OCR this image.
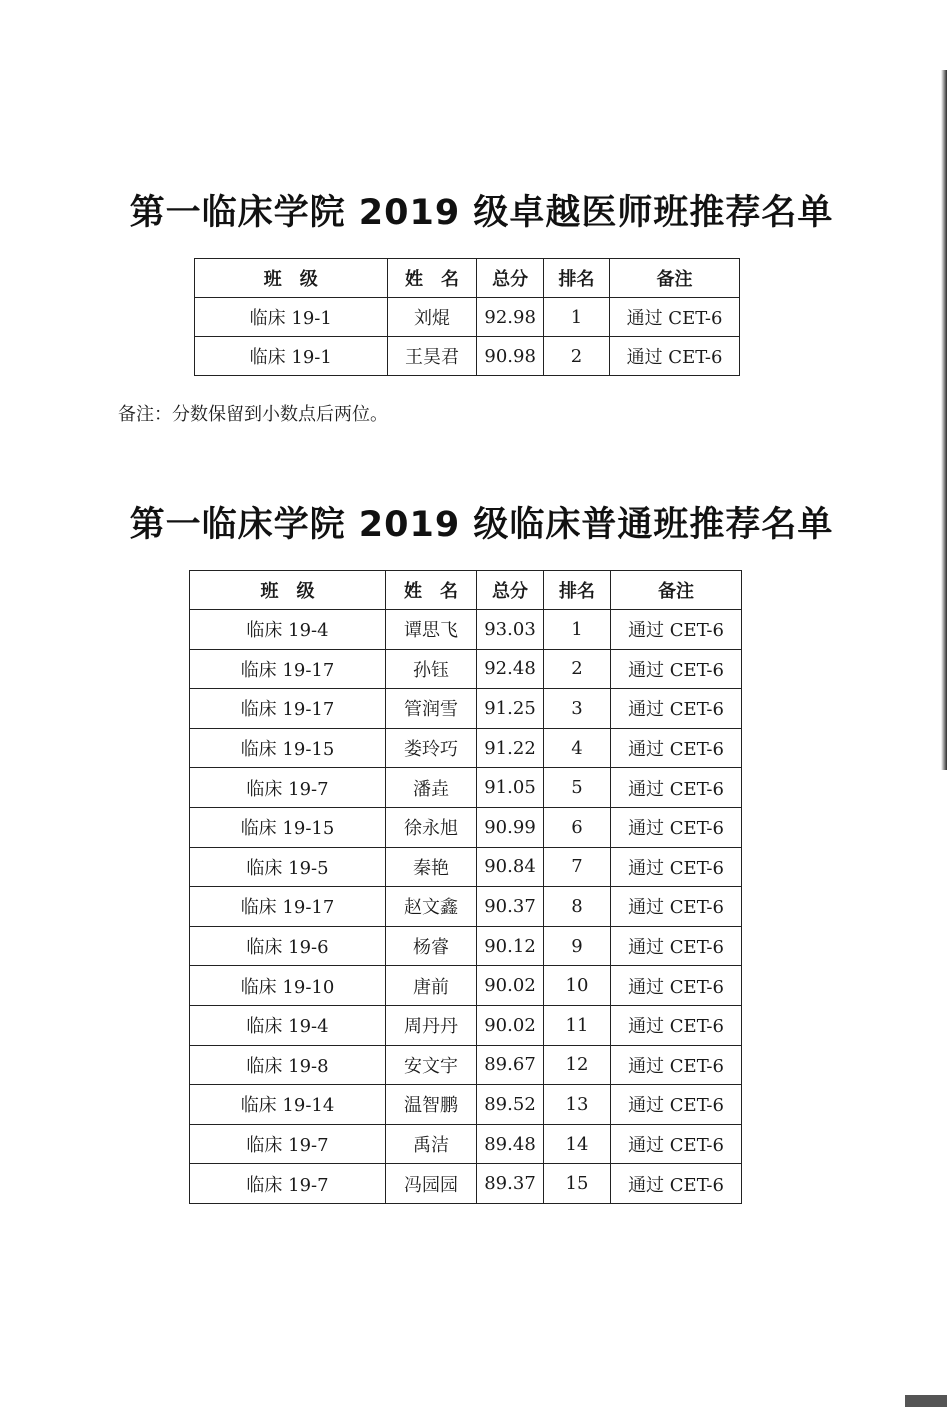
第一临床学院 2019 级卓越医师班推荐名单
班　级	姓　名	总分	排名	备注
临床 19-1	刘焜	92.98	1	通过 CET-6
临床 19-1	王昊君	90.98	2	通过 CET-6
备注：分数保留到小数点后两位。
第一临床学院 2019 级临床普通班推荐名单
班　级	姓　名	总分	排名	备注
临床 19-4	谭思飞	93.03	1	通过 CET-6
临床 19-17	孙钰	92.48	2	通过 CET-6
临床 19-17	管润雪	91.25	3	通过 CET-6
临床 19-15	娄玲巧	91.22	4	通过 CET-6
临床 19-7	潘垚	91.05	5	通过 CET-6
临床 19-15	徐永旭	90.99	6	通过 CET-6
临床 19-5	秦艳	90.84	7	通过 CET-6
临床 19-17	赵文鑫	90.37	8	通过 CET-6
临床 19-6	杨睿	90.12	9	通过 CET-6
临床 19-10	唐前	90.02	10	通过 CET-6
临床 19-4	周丹丹	90.02	11	通过 CET-6
临床 19-8	安文宇	89.67	12	通过 CET-6
临床 19-14	温智鹏	89.52	13	通过 CET-6
临床 19-7	禹洁	89.48	14	通过 CET-6
临床 19-7	冯园园	89.37	15	通过 CET-6
